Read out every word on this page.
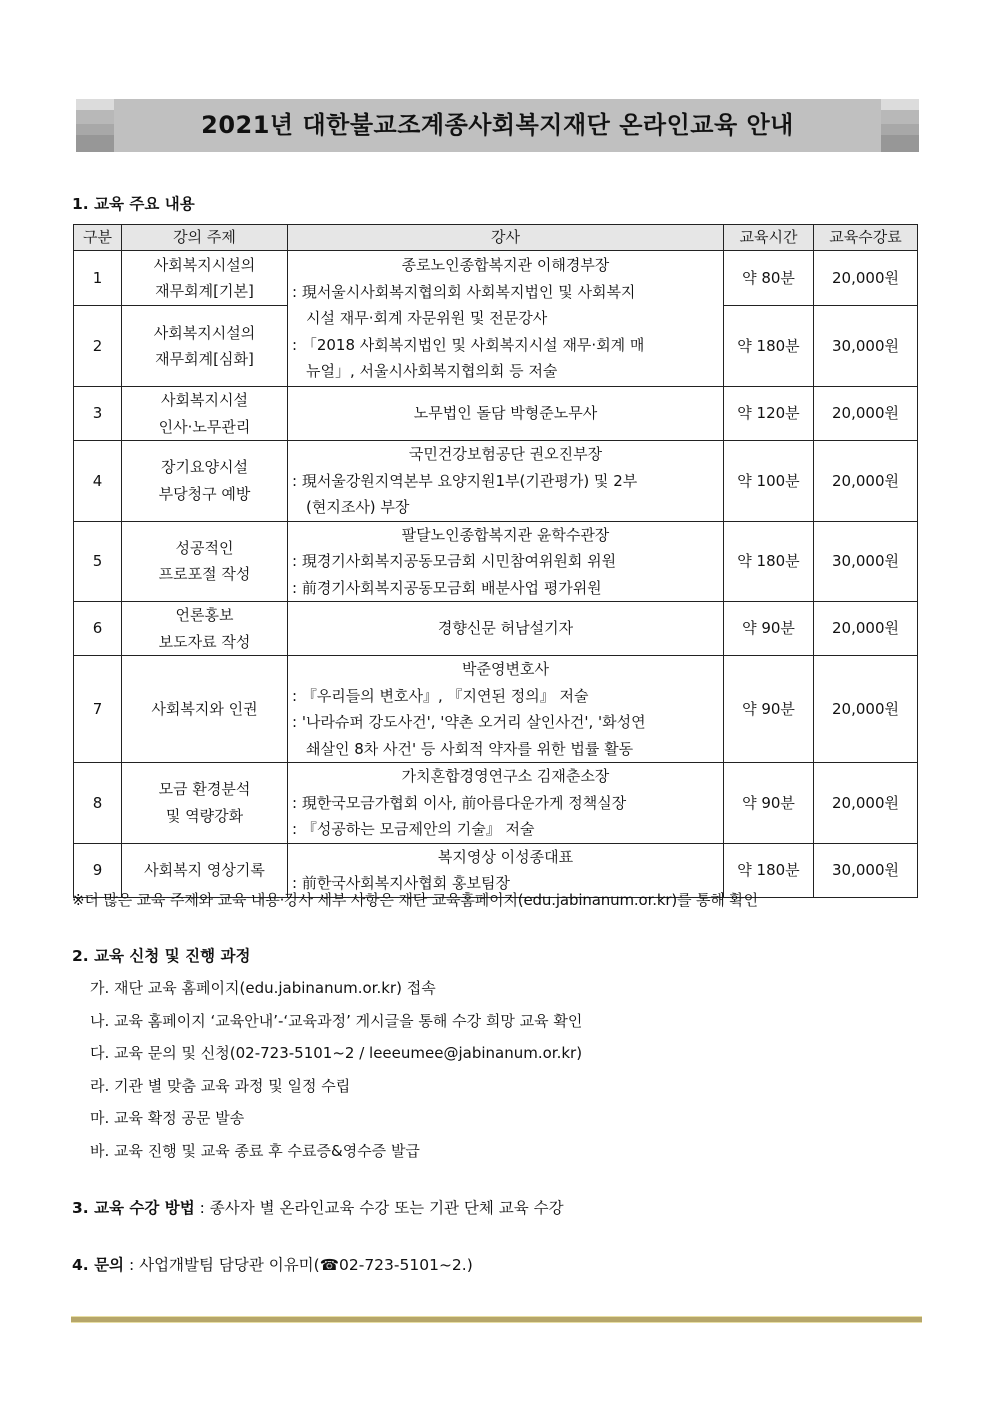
2021년 대한불교조계종사회복지재단 온라인교육 안내
1. 교육 주요 내용
구분	강의 주제	강사	교육시간	교육수강료
1	사회복지시설의
재무회계[기본]	종로노인종합복지관 이해경부장
: 現서울시사회복지협의회 사회복지법인 및 사회복지
시설 재무·회계 자문위원 및 전문강사
: 「2018 사회복지법인 및 사회복지시설 재무·회계 매
뉴얼」, 서울시사회복지협의회 등 저술	약 80분	20,000원
2	사회복지시설의
재무회계[심화]		약 180분	30,000원
3	사회복지시설
인사·노무관리	노무법인 돌담 박형준노무사	약 120분	20,000원
4	장기요양시설
부당청구 예방	국민건강보험공단 권오진부장
: 現서울강원지역본부 요양지원1부(기관평가) 및 2부
(현지조사) 부장	약 100분	20,000원
5	성공적인
프로포절 작성	팔달노인종합복지관 윤학수관장
: 現경기사회복지공동모금회 시민참여위원회 위원
: 前경기사회복지공동모금회 배분사업 평가위원	약 180분	30,000원
6	언론홍보
보도자료 작성	경향신문 허남설기자	약 90분	20,000원
7	사회복지와 인권	박준영변호사
: 『우리들의 변호사』, 『지연된 정의』 저술
: '나라슈퍼 강도사건', '약촌 오거리 살인사건', '화성연
쇄살인 8차 사건' 등 사회적 약자를 위한 법률 활동	약 90분	20,000원
8	모금 환경분석
및 역량강화	가치혼합경영연구소 김재춘소장
: 現한국모금가협회 이사, 前아름다운가게 정책실장
: 『성공하는 모금제안의 기술』 저술	약 90분	20,000원
9	사회복지 영상기록	복지영상 이성종대표
: 前한국사회복지사협회 홍보팀장	약 180분	30,000원
※더 많은 교육 주제와 교육 내용·강사 세부 사항은 재단 교육홈페이지(edu.jabinanum.or.kr)를 통해 확인
2. 교육 신청 및 진행 과정
가. 재단 교육 홈페이지(edu.jabinanum.or.kr) 접속
나. 교육 홈페이지 ‘교육안내’-‘교육과정’ 게시글을 통해 수강 희망 교육 확인
다. 교육 문의 및 신청(02-723-5101~2 / leeeumee@jabinanum.or.kr)
라. 기관 별 맞춤 교육 과정 및 일정 수립
마. 교육 확정 공문 발송
바. 교육 진행 및 교육 종료 후 수료증&영수증 발급
3. 교육 수강 방법 : 종사자 별 온라인교육 수강 또는 기관 단체 교육 수강
4. 문의 : 사업개발팀 담당관 이유미(☎02-723-5101~2.)
